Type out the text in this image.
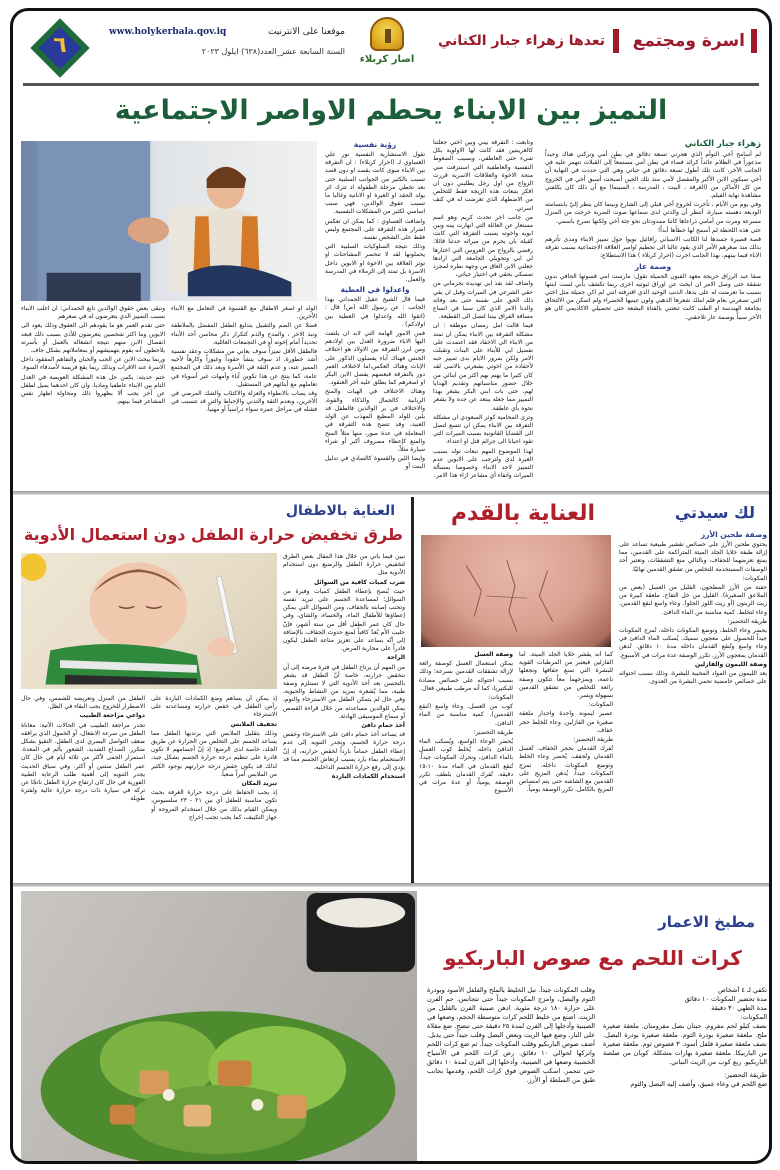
اسرة ومجتمع
تعدها زهراء جبار الكناني
اصار كربلاء
موقعنا على الانترنيت
www.holykerbala.qov.iq
السنة السابعة عشر_العدد(٦٣٨) ايلول ٢٠٢٣
٦
التميز بين الابناء يحطم الاواصر الاجتماعية
زهراء جبار الكناني

لم أسامح أخي التوأم الذي هجرني تسعة دقائق في بطن أمي وتركني هناك وحيداً مذعوراً في الظلام عائداً كرائد فضاء في بطن أمي مستمعاً إلى القبلات تنهمر عليه في الجانب الآخر، كانت تلك أطول تسعة دقائق في حياتي وهي التي حددت في النهاية أن أخي سيكون الابن الأكبر والمفضل لأمي منذ تلك الحين أصبحت أسبق أخي في الخروج من كل الأماكن من (الغرفة ، البيت ، المدرسة ، السينما) مع أن ذلك كان يكلفني مشاهدة نهاية الفيلم.

وفي يوم من الأيام ، تأخرت لخروج أخي قبلي إلى الشارع وبينما كان ينظر إليّ بابتسامته الوديعة دهسته سيارة، أنتظر أن والدتي لدى سماعها صوت الضربة خرجت من المنزل مسرعة ومرت من أمامي ذراعاها كانتا ممدودتان نحو جثة أخي ولكنها تصرخ باسمي.

حتى هذه اللحظة لم أسمح لها خطأها أبداً!

قصة قصيرة جسدها لنا الكاتب الاسباني رافائيل نويوا حول تمييز الابناء ومدى تأثرهم بذلك منذ صغرهم الأمر الذي يقود غالبا الى تحطيم اواصر العلاقة الاجتماعية بسبب تفرقة الاباء فيما بينهم، بهذا الجانب اجرت (احرار كربلاء ) هذا الاستطلاع:

وصمة عار

صفا عبد الرزاق خريجة معهد الفنون الجميلة تقول: مارست امي قسوتها الجافي بدون شفقة حتى وصل الامر ان ابحث عن اوراق ثبوتيه اخرى ربما تكشف بأني لست ابنتها بسبب ما تعرضت له على يدها، الذنب الوحيد الذي اقترفته انني لم اكن جميلة مثل اختي التي تصغرني بعام فلم املك شعرها الذهبي ولون عينيها الخضراء ولم اتمكن من الالتحاق بجامعة الهندسة او الطب كانت تنعتني بالفتاة البشعة حتى تحصيلي الاكاديمي كان هو الآخر سبباً بوصمة عار تلاحقني.

وتابعت : التفرقة بيني وبين اختي جعلتنا كالغريبتين فقد كانت لها الاولوية بكل شيء حتى العاطفي، وبسبب الضغوط النفسية والعاطفية التي استنزفت مني منحة الاخوة والعلاقات الاسرية قررت الزواج من اول رجل يطلبني دون ان افكر بتبعات هذه الزيجة فقط للتخلص من الاضطهاد الذي تعرضت له في كنف اسرتي.

من جانب اخر تحدث كريم وهو اسم مستعار عن العائلة التي انهارت بينه وبين ابويه واخوته بسبب التفرقة التي كانت كفيلة بان يحرم من ميراثه حدثنا قائلا: رفضي بالزواج من العروس التي اختارها لي ابي وتحويلي الجامعة التي ارادها جعلني الابن العاق من وجهة نظره لمجرد تمسكي بحقي في اختيار حياتي،

واضاف لقد نفذ ابي تهديده بحرماني من حقي الشرعي في الميراث وقبل ان يفي ذلك الحق على نفسه حتى بعد وفاته والدنا الامر الذي كان سببا في اتساع مسافة الفراق بيننا لتصل الى القطيعة.

فيما قالت امل رمضان موظفة : ان مشكلة التفرقة بين الابناء يمكن ان تمتد من الابناء الى الاحفاد فقد اعتمدت على تفضيل ابي للأبناء على البنات وتقبلت الامر ولكن بمرور الايام بدى تمييز حبه لأحفاده من اخوتي بشعرني بالاسى لقد كان كثيرا ما يهتم بهم اكثر من ابنائي من خلال حضور مناسباتهم وتقديم الهدايا لهم، حتى بات ابني البكر يشعر بهذا التمييز مما جعله يبتعد عن جده ولا يشعر نحوه بأي عاطفة.

وترى المحامية كوثر السعودي ان مشكلة التفرقة بين الابناء يمكن ان تتسع لتصل الى القضايا القانونية بسبب الميراث التي تقود احيانا الى جرائم قتل او اعتداء.

لهذا الموضوع المهم تبعات تولد بسبب الغيرة لدى ولترجب على الابوين عدم التمييز لاحد الابناء وخصوصا بمسألة الميراث واتفاء أي مشاعر ازاء هذا الامر.

رؤية نفسية

تقول الاستشارية النفسية نور علي العساوي لـ (احرار كربلاء) : ان التفرقة بين الابناء سوى كانت بقصد او دون قصد تسبب بالكثير من الجوانب السلبية حتى بعد تخطي مرحلة الطفولة اذ تترك اثر يولد الحقد او الغيرة او الانانية وغالبا ما تسبب عقوق الوالدين، فهي سبب اساسي لكثير من المشكلات النفسية.

واضافت العساوي : كما يمكن ان تعكس اضرار هذه التفرقة على المجتمع وليس فقط على الشخص نفسه.

وذلك نتيجة السلوكيات السلبية التي يحملونها لقد لا تنحصر المشاحنات او توتر العلاقة بين الاخوة او الابوين داخل الاسرة بل تمتد إلى الزملاء في المدرسة والعمل.

واعدلوا في العطية

فيما قال الشيخ عقيل الحمداني بهذا الجانب : عن رسول الله (ص) قال : (اتقوا الله واعدلوا في العطية بين اولادكم) .

فمن الامور الهامة التي لابد ان يلتفت اليها الاباء ضرورة العدل بين اولادهم ومن ابرز التفرقة بين الاولاد هو اختلاف الجنس فهناك آباء يفضلون الذكور على الإناث وهناك العكس،اما لاختلاف العمر دور بالتفرقة فبعضهم يفضل الابن البكر او اصغرهم كما يطلق عليه آخر العنقود.

وهناك الاختلاف في الهبات والمنح الربانية كالجمال والذكاء والقوة، والاختلاف في بر الوالدين فالطفل قد يلين للولد المطيع المهذب عن الولد العنيد، وقد تتضح هذه التفرقة في المعاملة في عدة صور، منها مثلاً المنح والمنع كإعطاء مصروف أكبر أو شراء سيارة مثلاً،

وايضا اللين والقسوة كالتمادي في تدليل البنت أو

الولد او اصغر الاطفال مع القسوة في التعامل مع الأبناء الأخرين.

فضلا عن الضم والتقبيل بتدليع الطفل المفضل بالملاطفة ونبذ الاخر ، والمدح والذم كتكرار ذكر محاسن أحد الأبناء تحديداً أمام إخوته أو في التجمعات العائلية.

فالطفل الأقل تميزاً سوف يعاني من مشكلات وعقد نفسية أشد خطورة، اذ سوف ينشأ حقوداً وغيوراً وكارهاً لأخيه المميز عنه، و عدم الثقة في الأسرة وبعد ذلك في المجتمع عامة، كما ينتج عن هذا تكوين آباء وأمهات غير أسوياء في تعاملهم مع أبنائهم في المستقبل.

وقد يصاب بالانطواء والعزلة والاكتئاب والشك المرضي في الآخرين، وبعدم الثقة والتدني والإحباط والتي قد تتسبب في فشله في مراحل عمره سواء دراسياً أو مهنياً.

وتبقى بعض حقوق الوالدين تابع الحمداني: ان اغلب الابناء بسبب التمييز الذي يتعرضون له في صغرهم

حتى تقدم العمر هو ما يقودهم الى العقوق وذلك يعود الى الابوين وما اكثر شخصين يتعرضون للأذى بسبب ذلك فبعد انفصال الابن منهم نتيجة انشغاله بالعمل أو بأسرته يلاحظون أنه يقوم بتهميشهم أو بمعاملاتهم بشكل جاف.

وربما يبحث الابن عن الحب والحنان والتفاهم المفقود داخل الاسرة عند الاقراب وبذلك ربما يقع فريسة لأصدقاء السوء.

ختم حديثه: يكمن حل هذه المشكلة العويصة في العدل التام بين الابناء عاطفيا وماديا، وان كان احدهما يميل لطفل عن آخر يجب ألا يظهروا ذلك ومحاولة اظهار نفس المشاعر فيما بينهم.

لك سيدتي
العناية بالقدم
وصفة طحين الأرز

يحتوي طحين الأرز على خصائص تقشير طبيعية تساعد على إزالة طبقة خلايا الجلد الميتة المتراكمة على القدمين، مما يمنع تعرضهما للجفاف، وبالتالي منع التشققات، وتعتبر أحد الوصفات المستخدمة للتخلص من تشقق القدمين نهائيًا.

المكونات:

حفنة من الأرز المطحون. القليل من العسل (بعض من الملاعق الصغيرة). القليل من خل التفاح. ملعقة كبيرة من زيت الزيتون (أو زيت اللوز الحلو). وعاء واسع لنقع القدمين. وعاء لتخلط. كمية مناسبة من الماء الدافئ.

طريقة التحضير:

يحضر وعاء الخلط، وتوضع المكونات داخله، تُمزج المكونات جيداً للحصول على معجون سميك. يُسكب الماء الدافئ في وعاء واسع وتُنقع القدمان داخله مدة ١٠ دقائق. تُدهن القدمان بمعجون الأرز. تكرر الوصفة عدة مرات في الأسبوع.

وصفة الليمون والفازلين

يعد الليمون من المواد المحببة للبشرة، وذلك بسبب احتوائه على خصائص حامضية تحمي البشرة من العدوى.

كما أنه يقشر خلايا الجلد الميتة. أما الفازلين فيعتبر من المرطبات القوية للبشرة التي تمنع جفافها وتجعلها ناعمة، ويمزجهما معاً تتكون وصفة رائعة للتخلص من تشقق القدمين بسهولة ويسر.

المكونات:

عصير ليمونة واحدة واحدار ملعقة صغيرة من الفازلين. وعاء للخلط حجر خفاف.

طريقة التحضير:

تُفرك القدمان بحجر الخفاف. تُغسل القدمان وتُجفف. يُحضر وعاء الخلط وتوضع المكونات داخله. تمزج المكونات جيداً. يُدهن المزيج على القدمين مع الشاشة حتى يتم امتصاص المزيج بالكامل. تكرر الوصفة يومياً.

وصفة العسل

يمكن استعمال العسل كوصفة رائعة لإزالة تشققات القدمين بسرعة؛ وذلك بسبب احتوائه على خصائص مضادة للبكتيريا، كما أنه مرطب طبيعي فعال.

المكونات:

كوب من العسل. وعاء واسع (لنقع القدمين). كمية مناسبة من الماء الدافئ.

طريقة التحضير:

يُحضر الوعاء الواسع، ويُسكب الماء الدافئ داخله. يُخلط كوب العسل بالماء الدافئ، وتحرك المكونات جيداً. تُنقع القدمان في الماء مدة ١٠-١٥ دقيقة. تُفرك القدمان بلطف. تكرر الوصفة يومياً، أو عدة مرات في الأسبوع

العناية بالاطفال
طرق تخفيض حرارة الطفل دون استعمال الأدوية

نبين فيما يأتي من خلال هذا المقال بعض الطرق لتخفيض حرارة الطفل والرضيع دون استخدام الأدوية مثل

شرب كميات كافية من السوائل

حيث يُنصح بإعطاء الطفل كميات وفيرة من السوائل؛ لمساعدة الجسم على تبريد نفسه وتجنب إصابته بالجفاف، ومن السوائل التي يمكن إعطاؤها للأطفال الماء، والحساء، والشاي، وفي حال كان عمر الطفل أقل من ستة أشهر، فإنّ حليب الأم يُعدّ كافياً لمنع حدوث الجفاف، بالإضافة إلى أنّه يساعد على تعزيز مناعة الطفل ليكون قادراً على محاربة المرض.

الراحة

من المهم أن يرتاح الطفل في فترة مرضه إلى أن تنخفض حرارته، خاصة أنّ الطفل قد يشعر بالتحسن بعد أخذ الأدوية التي لا تستلزم وصفة طبية، مما يُشعره بمزيد من النشاط والحيوية، وفي حال لم يتمكن الطفل من الاسترخاء والنوم، يمكن للوالدين مساعدته من خلال قراءة القصص أو سماع الموسيقى الهادئة.

أخذ حمام دافئ

قد يساعد أخذ حمام دافئ على الاسترخاء وخفض درجة حرارة الجسم، ويجدر التنويه إلى عدم إعطاء الطفل حماماً بارداً لخفض حرارته، إذ إنّ الاستحمام بماء بارد يسبب ارتعاش الجسم مما قد يؤدي إلى رفع حرارة الجسم الداخلية.

استخدام الكمادات الباردة

إذ يمكن أن يساهم وضع الكمادات الباردة على رأس الطفل في خفض حرارته ومساعدته على الاسترخاء

تخفيف الملابس

وذلك بتقليل الملابس التي يرتديها الطفل مما يساعد الجسم على التخلص من الحرارة عن طريق الجلد، خاصة لدى الرضع؛ إذ إنّ أجسامهم لا تكون قادرة على تنظيم درجة حرارة الجسم بشكل جيد، لذلك قد يكون خفض درجة حرارتهم بوجود الكثير من الملابس أمراً صعباً.

تبريد المكان

إذ يجب الحفاظ على درجة حرارة الغرفة بحيث تكون مناسبة للطفل أي بين ٢١ - ٢٣ سلسيوس، ويمكن القيام بذلك من خلال استخدام المروحة أو جهاز التكييف، كما يجب تجنب إخراج

الطفل من المنزل وتعريضه للشمس، وفي حال الاضطرار للخروج يجب البقاء في الظل.

دواعي مراجعة الطبيب

تجدر مراجعة الطبيب في الحالات الآتية: معاناة الطفل من سرعة الانفعال، أو الخمول الذي يرافقه ضعف التواصل البصري لدى الطفل. التقيؤ بشكل متكرر. الصداع الشديد. الشعور بألم في المعدة. استمرار الحمى لأكثر من ثلاثة أيام في حال كان عمر الطفل سنتين أو أكثر. وفي سياق الحديث يجدر التنويه إلى أهمية طلب الرعاية الطبية الفورية في حال كان ارتفاع حرارة الطفل ناتجًا عن تركه في سيارة ذات درجة حرارة عالية ولفترة طويلة

مطبخ الاعمار
كرات اللحم مع صوص الباربكيو

تكفي لـ ٤ أشخاص

مدة تحضير المكونات ١٠ دقائق

مدة الطهي ٣٠ دقيقة

المكونات:

نصف كيلو لحم مفروم. حبتان بصل مفرومتان. ملعقة صغيرة ملح. ملعقة صغيرة بودرة الثوم. ملعقة صغيرة بودرة البصل. نصف ملعقة صغيرة فلفل أسود. ٣ فصوص ثوم. ملعقة صغيرة من الباربيكا. ملعقة صغيرة بهارات مشكلة. كوبان من صلصة الباربكيو. ربع كوب من الزيت النباتي.

طريقة التحضير:

ضع اللحم في وعاء عميق، وأضف إليه البصل والثوم

وقلب المكونات جيداً. تبل الخليط بالملح والفلفل الأسود وبودرة الثوم والبصل، وامزج المكونات جيداً حتى تتجانس. حمِ الفرن على حرارة ١٨٠ درجة مئوية. ادهن صينية الفرن بالقليل من الزيت. اصنع من خليط اللحم كرات متوسطة الحجم، وضعها في الصينية وأدخلها إلى الفرن لمدة ٢٥ دقيقة حتى تنضج. ضع مقلاة على النار، وضع فيها الزيت وبعض البصل وقلب جيداً حتى يذبل. أضف صوص الباربكيو وقلب المكونات جيداً. ثم ضع كرات اللحم واتركها لحوالي ١٠ دقائق. رص كرات اللحم في الأسياخ الخشبية وضعها في الصينية، وأدخلها إلى الفرن لمدة ١٠ دقائق حتى تتحمر. اسكب الصوص فوق كرات اللحم، وقدمها بجانب طبق من السلطة أو الأرز.
